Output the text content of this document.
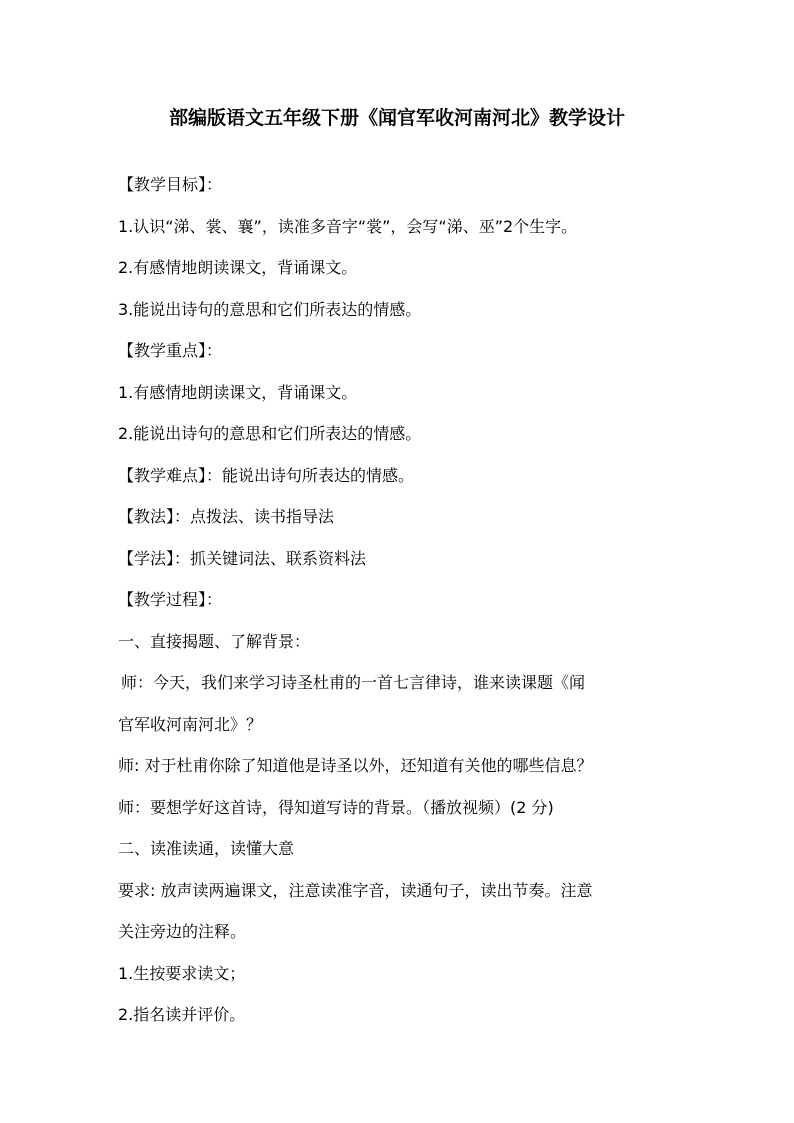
部编版语文五年级下册《闻官军收河南河北》教学设计
【教学目标】：
1.认识“涕、裳、襄”，读准多音字“裳”，会写“涕、巫”2个生字。
2.有感情地朗读课文，背诵课文。
3.能说出诗句的意思和它们所表达的情感。
【教学重点】：
1.有感情地朗读课文，背诵课文。
2.能说出诗句的意思和它们所表达的情感。
【教学难点】：能说出诗句所表达的情感。
【教法】：点拨法、读书指导法
【学法】：抓关键词法、联系资料法
【教学过程】：
一、直接揭题、了解背景：
师：今天，我们来学习诗圣杜甫的一首七言律诗，谁来读课题《闻
官军收河南河北》？
师: 对于杜甫你除了知道他是诗圣以外，还知道有关他的哪些信息？
师：要想学好这首诗，得知道写诗的背景。（播放视频）(2 分)
二、读准读通，读懂大意
要求: 放声读两遍课文，注意读准字音，读通句子，读出节奏。注意
关注旁边的注释。
1.生按要求读文；
2.指名读并评价。
